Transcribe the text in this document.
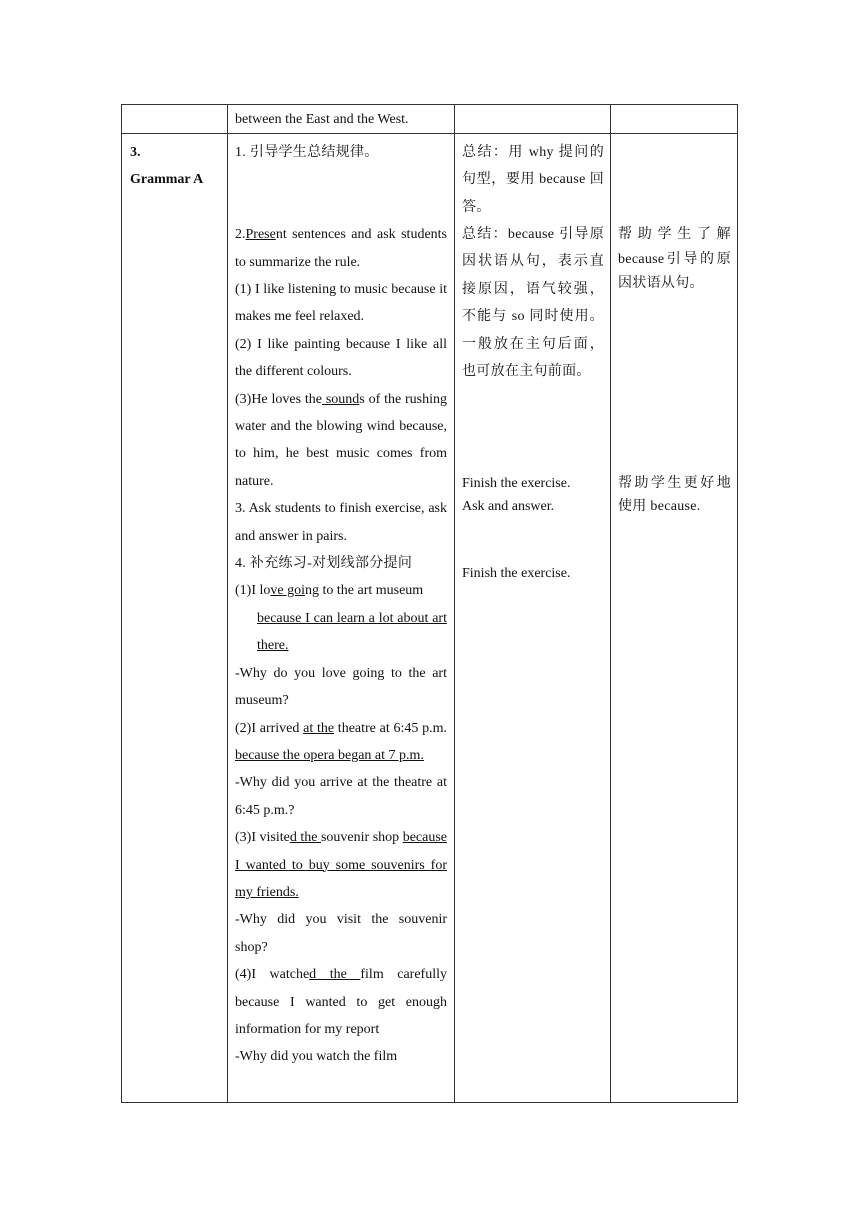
between the East and the West.
3.
Grammar A
1. 引导学生总结规律。
2.Present sentences and ask students to summarize the rule.
(1) I like listening to music because it makes me feel relaxed.
(2) I like painting because I like all the different colours.
(3)He loves the sounds of the rushing water and the blowing wind because, to him, he best music comes from nature.
3. Ask students to finish exercise, ask and answer in pairs.
4. 补充练习-对划线部分提问
(1)I love going to the art museum
because I can learn a lot about art there.
-Why do you love going to the art museum?
(2)I arrived at the theatre at 6:45 p.m. because the opera began at 7 p.m.
-Why did you arrive at the theatre at 6:45 p.m.?
(3)I visited the souvenir shop because I wanted to buy some souvenirs for my friends.
-Why did you visit the souvenir shop?
(4)I watched the film carefully because I wanted to get enough information for my report
-Why did you watch the film
总结：用 why 提问的句型，要用 because 回答。
总结：because 引导原因状语从句，表示直接原因，语气较强，不能与 so 同时使用。一般放在主句后面，也可放在主句前面。
Finish the exercise.
Ask and answer.
Finish the exercise.
帮助学生了解 because引导的原因状语从句。
帮助学生更好地使用 because.
